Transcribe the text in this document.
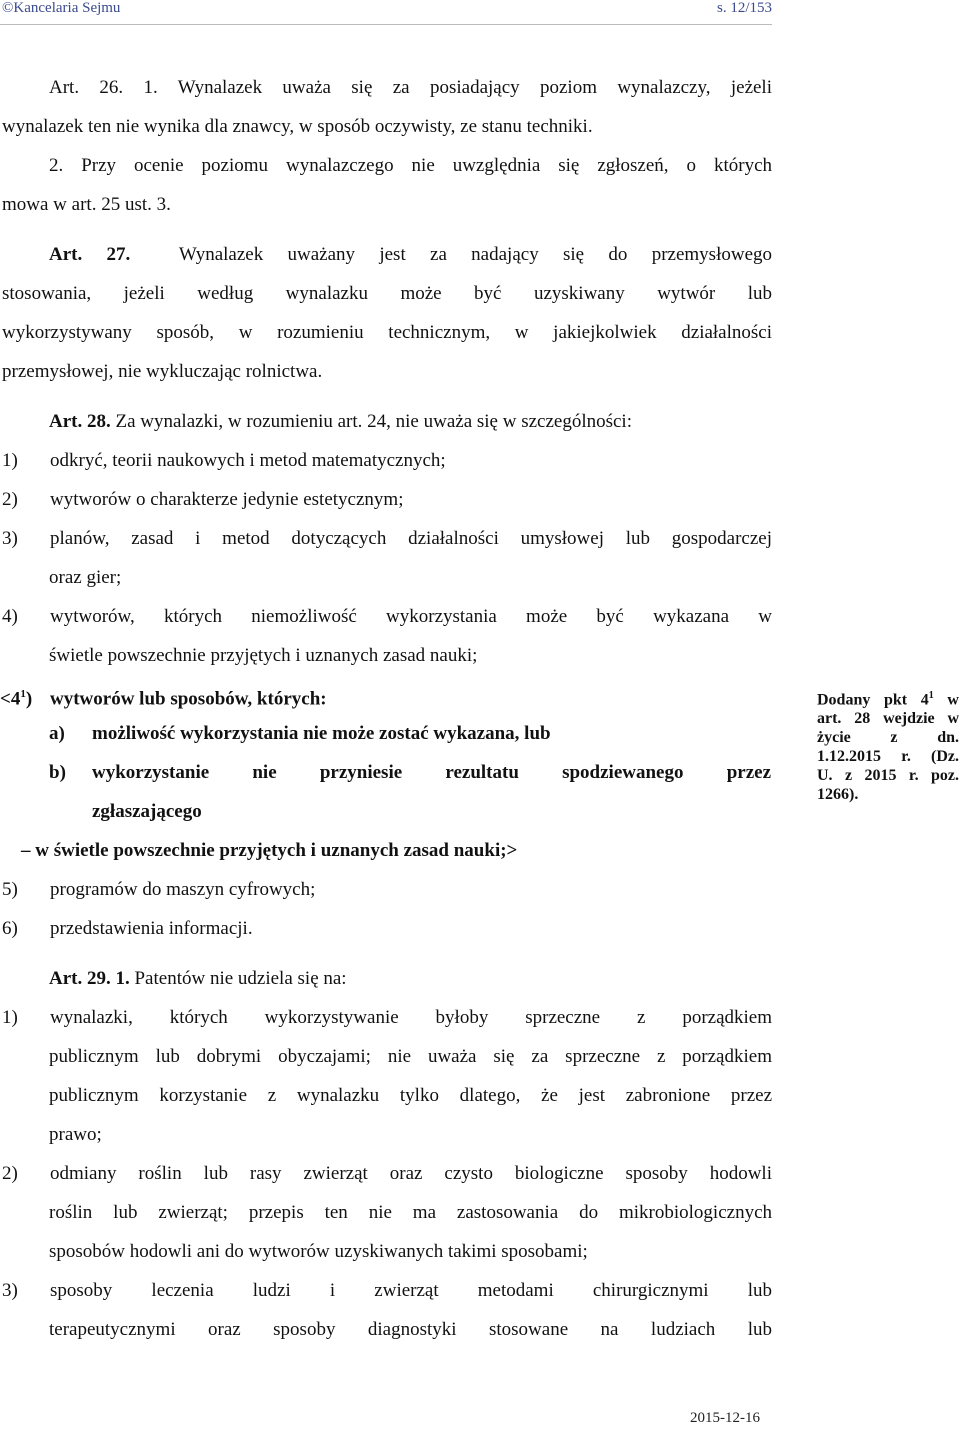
©Kancelaria Sejmu	s. 12/153
Art. 26. 1. Wynalazek uważa się za posiadający poziom wynalazczy, jeżeli
wynalazek ten nie wynika dla znawcy, w sposób oczywisty, ze stanu techniki.
2. Przy ocenie poziomu wynalazczego nie uwzględnia się zgłoszeń, o których
mowa w art. 25 ust. 3.
Art. 27.	Wynalazek uważany jest za nadający się do przemysłowego
stosowania, jeżeli według wynalazku może być uzyskiwany wytwór lub
wykorzystywany sposób, w rozumieniu technicznym, w jakiejkolwiek działalności
przemysłowej, nie wykluczając rolnictwa.
Art. 28. Za wynalazki, w rozumieniu art. 24, nie uważa się w szczególności:
1) odkryć, teorii naukowych i metod matematycznych;
2) wytworów o charakterze jedynie estetycznym;
3) planów, zasad i metod dotyczących działalności umysłowej lub gospodarczej
oraz gier;
4) wytworów, których niemożliwość wykorzystania może być wykazana w
świetle powszechnie przyjętych i uznanych zasad nauki;
$<4^1$) wytworów lub sposobów, których:
a) możliwość wykorzystania nie może zostać wykazana, lub
b) wykorzystanie nie przyniesie rezultatu spodziewanego przez
zgłaszającego
– w świetle powszechnie przyjętych i uznanych zasad nauki;>
5) programów do maszyn cyfrowych;
6) przedstawienia informacji.
Art. 29. 1. Patentów nie udziela się na:
1) wynalazki, których wykorzystywanie byłoby sprzeczne z porządkiem
publicznym lub dobrymi obyczajami; nie uważa się za sprzeczne z porządkiem
publicznym korzystanie z wynalazku tylko dlatego, że jest zabronione przez
prawo;
2) odmiany roślin lub rasy zwierząt oraz czysto biologiczne sposoby hodowli
roślin lub zwierząt; przepis ten nie ma zastosowania do mikrobiologicznych
sposobów hodowli ani do wytworów uzyskiwanych takimi sposobami;
3) sposoby leczenia ludzi i zwierząt metodami chirurgicznymi lub
terapeutycznymi oraz sposoby diagnostyki stosowane na ludziach lub
Dodany pkt $4^1$ w
art. 28 wejdzie w
życie z dn.
1.12.2015 r. (Dz.
U. z 2015 r. poz.
1266).
2015-12-16
